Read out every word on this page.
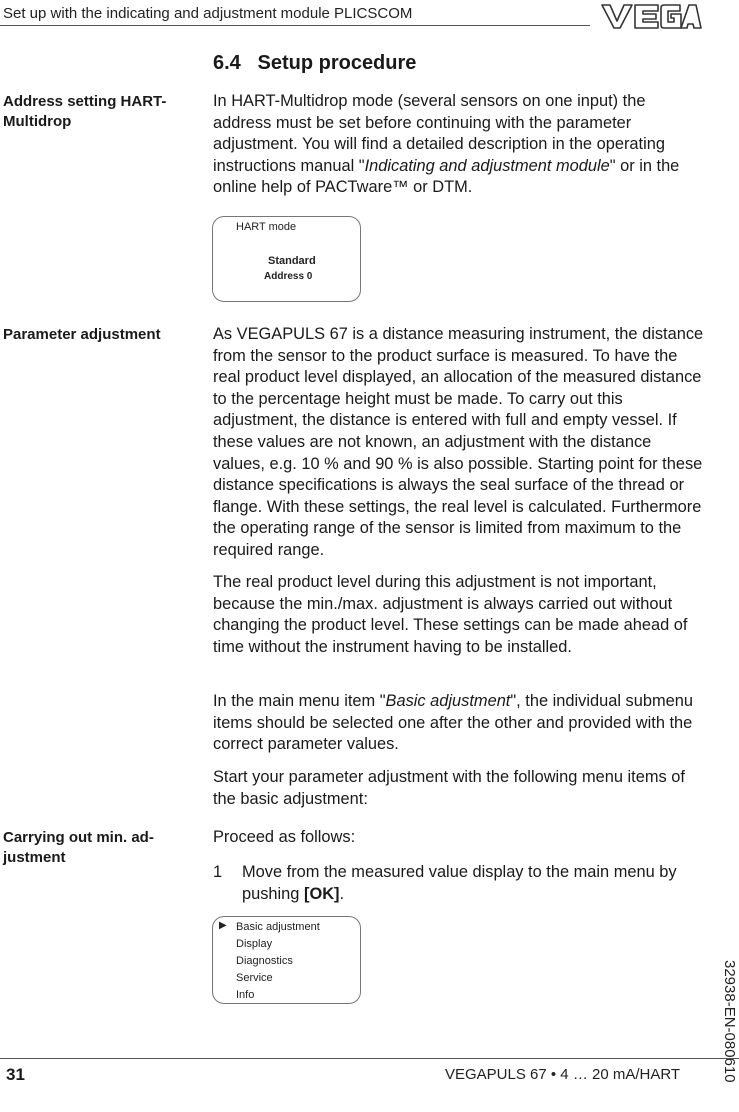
Set up with the indicating and adjustment module PLICSCOM
VEGA
6.4 Setup procedure
Address setting HART-Multidrop
In HART-Multidrop mode (several sensors on one input) the address must be set before continuing with the parameter adjustment. You will find a detailed description in the operating instructions manual "Indicating and adjustment module" or in the online help of PACTware™ or DTM.
HART mode
Standard
Address 0
Parameter adjustment	As VEGAPULS 67 is a distance measuring instrument, the distance from the sensor to the product surface is measured. To have the real product level displayed, an allocation of the measured distance to the percentage height must be made. To carry out this adjustment, the distance is entered with full and empty vessel. If these values are not known, an adjustment with the distance values, e.g. 10 % and 90 % is also possible. Starting point for these distance specifications is always the seal surface of the thread or flange. With these settings, the real level is calculated. Furthermore the operating range of the sensor is limited from maximum to the required range.
The real product level during this adjustment is not important, because the min./max. adjustment is always carried out without changing the product level. These settings can be made ahead of time without the instrument having to be installed.
In the main menu item "Basic adjustment", the individual submenu items should be selected one after the other and provided with the correct parameter values.
Start your parameter adjustment with the following menu items of the basic adjustment:
Carrying out min. ad-
justment
Proceed as follows:
1 Move from the measured value display to the main menu by pushing [OK].
▶ Basic adjustment
Display
Diagnostics
Service
Info	32938-EN-080610
31	VEGAPULS 67 • 4 … 20 mA/HART
